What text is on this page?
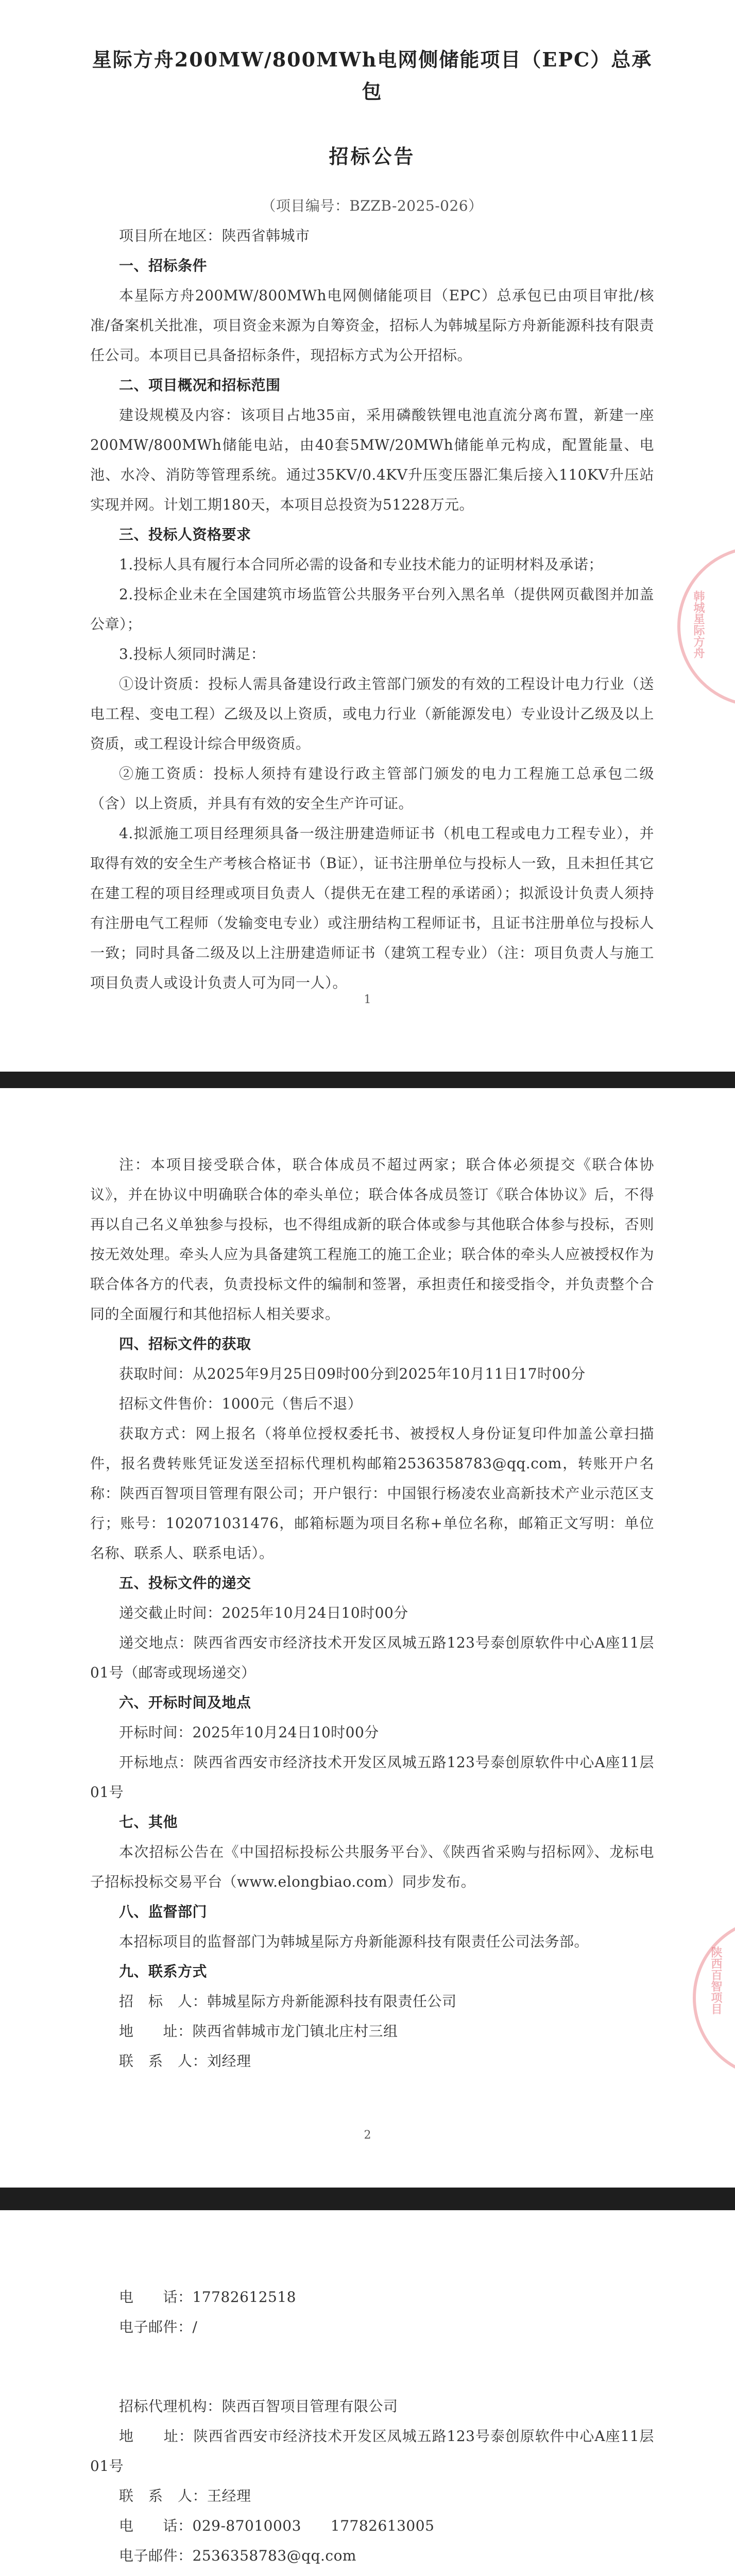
星际方舟200MW/800MWh电网侧储能项目（EPC）总承包

招标公告

（项目编号：BZZB-2025-026）

项目所在地区：陕西省韩城市

一、招标条件

本星际方舟200MW/800MWh电网侧储能项目（EPC）总承包已由项目审批/核准/备案机关批准，项目资金来源为自筹资金，招标人为韩城星际方舟新能源科技有限责任公司。本项目已具备招标条件，现招标方式为公开招标。

二、项目概况和招标范围

建设规模及内容：该项目占地35亩，采用磷酸铁锂电池直流分离布置，新建一座200MW/800MWh储能电站，由40套5MW/20MWh储能单元构成，配置能量、电池、水冷、消防等管理系统。通过35KV/0.4KV升压变压器汇集后接入110KV升压站实现并网。计划工期180天，本项目总投资为51228万元。

三、投标人资格要求

1.投标人具有履行本合同所必需的设备和专业技术能力的证明材料及承诺；

2.投标企业未在全国建筑市场监管公共服务平台列入黑名单（提供网页截图并加盖公章）；

3.投标人须同时满足：

①设计资质：投标人需具备建设行政主管部门颁发的有效的工程设计电力行业（送电工程、变电工程）乙级及以上资质，或电力行业（新能源发电）专业设计乙级及以上资质，或工程设计综合甲级资质。

②施工资质：投标人须持有建设行政主管部门颁发的电力工程施工总承包二级（含）以上资质，并具有有效的安全生产许可证。

4.拟派施工项目经理须具备一级注册建造师证书（机电工程或电力工程专业），并取得有效的安全生产考核合格证书（B证），证书注册单位与投标人一致，且未担任其它在建工程的项目经理或项目负责人（提供无在建工程的承诺函）；拟派设计负责人须持有注册电气工程师（发输变电专业）或注册结构工程师证书，且证书注册单位与投标人一致；同时具备二级及以上注册建造师证书（建筑工程专业）（注：项目负责人与施工项目负责人或设计负责人可为同一人）。

韩城星际方舟
1

注：本项目接受联合体，联合体成员不超过两家；联合体必须提交《联合体协议》，并在协议中明确联合体的牵头单位；联合体各成员签订《联合体协议》后，不得再以自己名义单独参与投标，也不得组成新的联合体或参与其他联合体参与投标，否则按无效处理。牵头人应为具备建筑工程施工的施工企业；联合体的牵头人应被授权作为联合体各方的代表，负责投标文件的编制和签署，承担责任和接受指令，并负责整个合同的全面履行和其他招标人相关要求。

四、招标文件的获取

获取时间：从2025年9月25日09时00分到2025年10月11日17时00分

招标文件售价：1000元（售后不退）

获取方式：网上报名（将单位授权委托书、被授权人身份证复印件加盖公章扫描件，报名费转账凭证发送至招标代理机构邮箱2536358783@qq.com，转账开户名称：陕西百智项目管理有限公司；开户银行：中国银行杨凌农业高新技术产业示范区支行；账号：102071031476，邮箱标题为项目名称+单位名称，邮箱正文写明：单位名称、联系人、联系电话）。

五、投标文件的递交

递交截止时间：2025年10月24日10时00分

递交地点：陕西省西安市经济技术开发区凤城五路123号泰创原软件中心A座11层01号（邮寄或现场递交）

六、开标时间及地点

开标时间：2025年10月24日10时00分

开标地点：陕西省西安市经济技术开发区凤城五路123号泰创原软件中心A座11层01号

七、其他

本次招标公告在《中国招标投标公共服务平台》、《陕西省采购与招标网》、龙标电子招标投标交易平台（www.elongbiao.com）同步发布。

八、监督部门

本招标项目的监督部门为韩城星际方舟新能源科技有限责任公司法务部。

九、联系方式

招　标　人：韩城星际方舟新能源科技有限责任公司

地　　址：陕西省韩城市龙门镇北庄村三组

联　系　人：刘经理

陕西百智项目
2

电　　话：17782612518

电子邮件：/

招标代理机构：陕西百智项目管理有限公司

地　　址：陕西省西安市经济技术开发区凤城五路123号泰创原软件中心A座11层01号

联　系　人：王经理

电　　话：029-87010003　　17782613005

电子邮件：2536358783@qq.com
